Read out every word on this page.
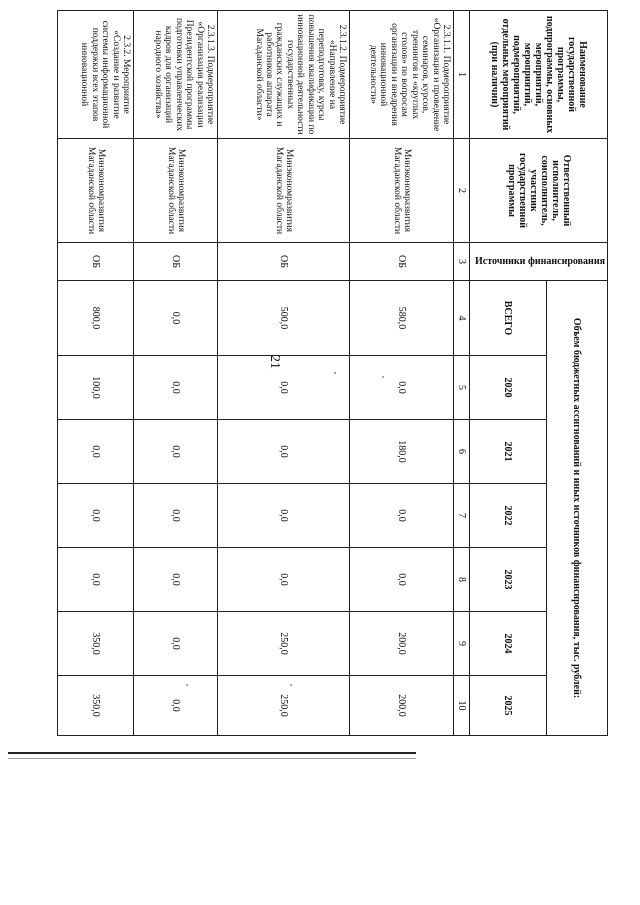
21
Наименование государственной программы, подпрограммы, основных мероприятий, мероприятий, подмероприятий, отдельных мероприятий (при наличии)	Ответственный исполнитель, соисполнитель, участник государственной программы	Источники финансирования	Объем бюджетных ассигнований и иных источников финансирования, тыс. рублей:						
			ВСЕГО	2020	2021	2022	2023	2024	2025
1	2	3	4	5	6	7	8	9	10
2.3.1.1. Подмероприятие «Организация и проведение семинаров, курсов, тренингов и «круглых столов» по вопросам организации и внедрения инновационной деятельности»	Минэкономразвития Магаданской области	ОБ	580,0	0,0	180,0	0,0	0,0	200,0	200,0
2.3.1.2. Подмероприятие «Направление на переподготовку, курсы повышения квалификации по инновационной деятельности государственных гражданских служащих и работников аппарата Магаданской области»	Минэкономразвития Магаданской области	ОБ	500,0	0,0	0,0	0,0	0,0	250,0	250,0
2.3.1.3. Подмероприятие «Организация реализации Президентской программы подготовки управленческих кадров для организаций народного хозяйства»	Минэкономразвития Магаданской области	ОБ	0,0	0,0	0,0	0,0	0,0	0,0	0,0
2.3.2. Мероприятие «Создание и развитие системы информационной поддержки всех этапов инновационной	Минэкономразвития Магаданской области	ОБ	800,0	100,0	0,0	0,0	0,0	350,0	350,0
